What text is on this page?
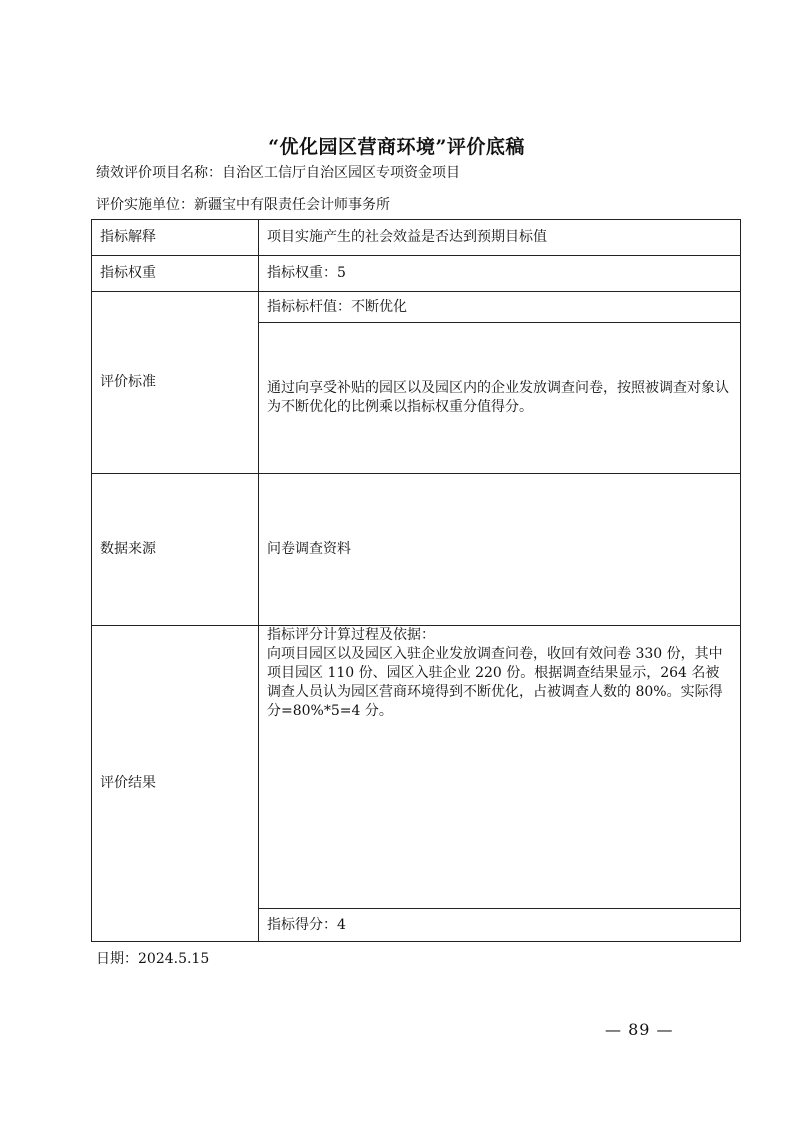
“优化园区营商环境”评价底稿
绩效评价项目名称：自治区工信厅自治区园区专项资金项目
评价实施单位：新疆宝中有限责任会计师事务所
指标解释	项目实施产生的社会效益是否达到预期目标值
指标权重	指标权重：5
评价标准	指标标杆值：不断优化
	通过向享受补贴的园区以及园区内的企业发放调查问卷，按照被调查对象认为不断优化的比例乘以指标权重分值得分。
数据来源	问卷调查资料
评价结果	指标评分计算过程及依据：
向项目园区以及园区入驻企业发放调查问卷，收回有效问卷 330 份，其中项目园区 110 份、园区入驻企业 220 份。根据调查结果显示，264 名被调查人员认为园区营商环境得到不断优化，占被调查人数的 80%。实际得分=80%*5=4 分。

	指标得分：4
日期：2024.5.15
— 89 —
